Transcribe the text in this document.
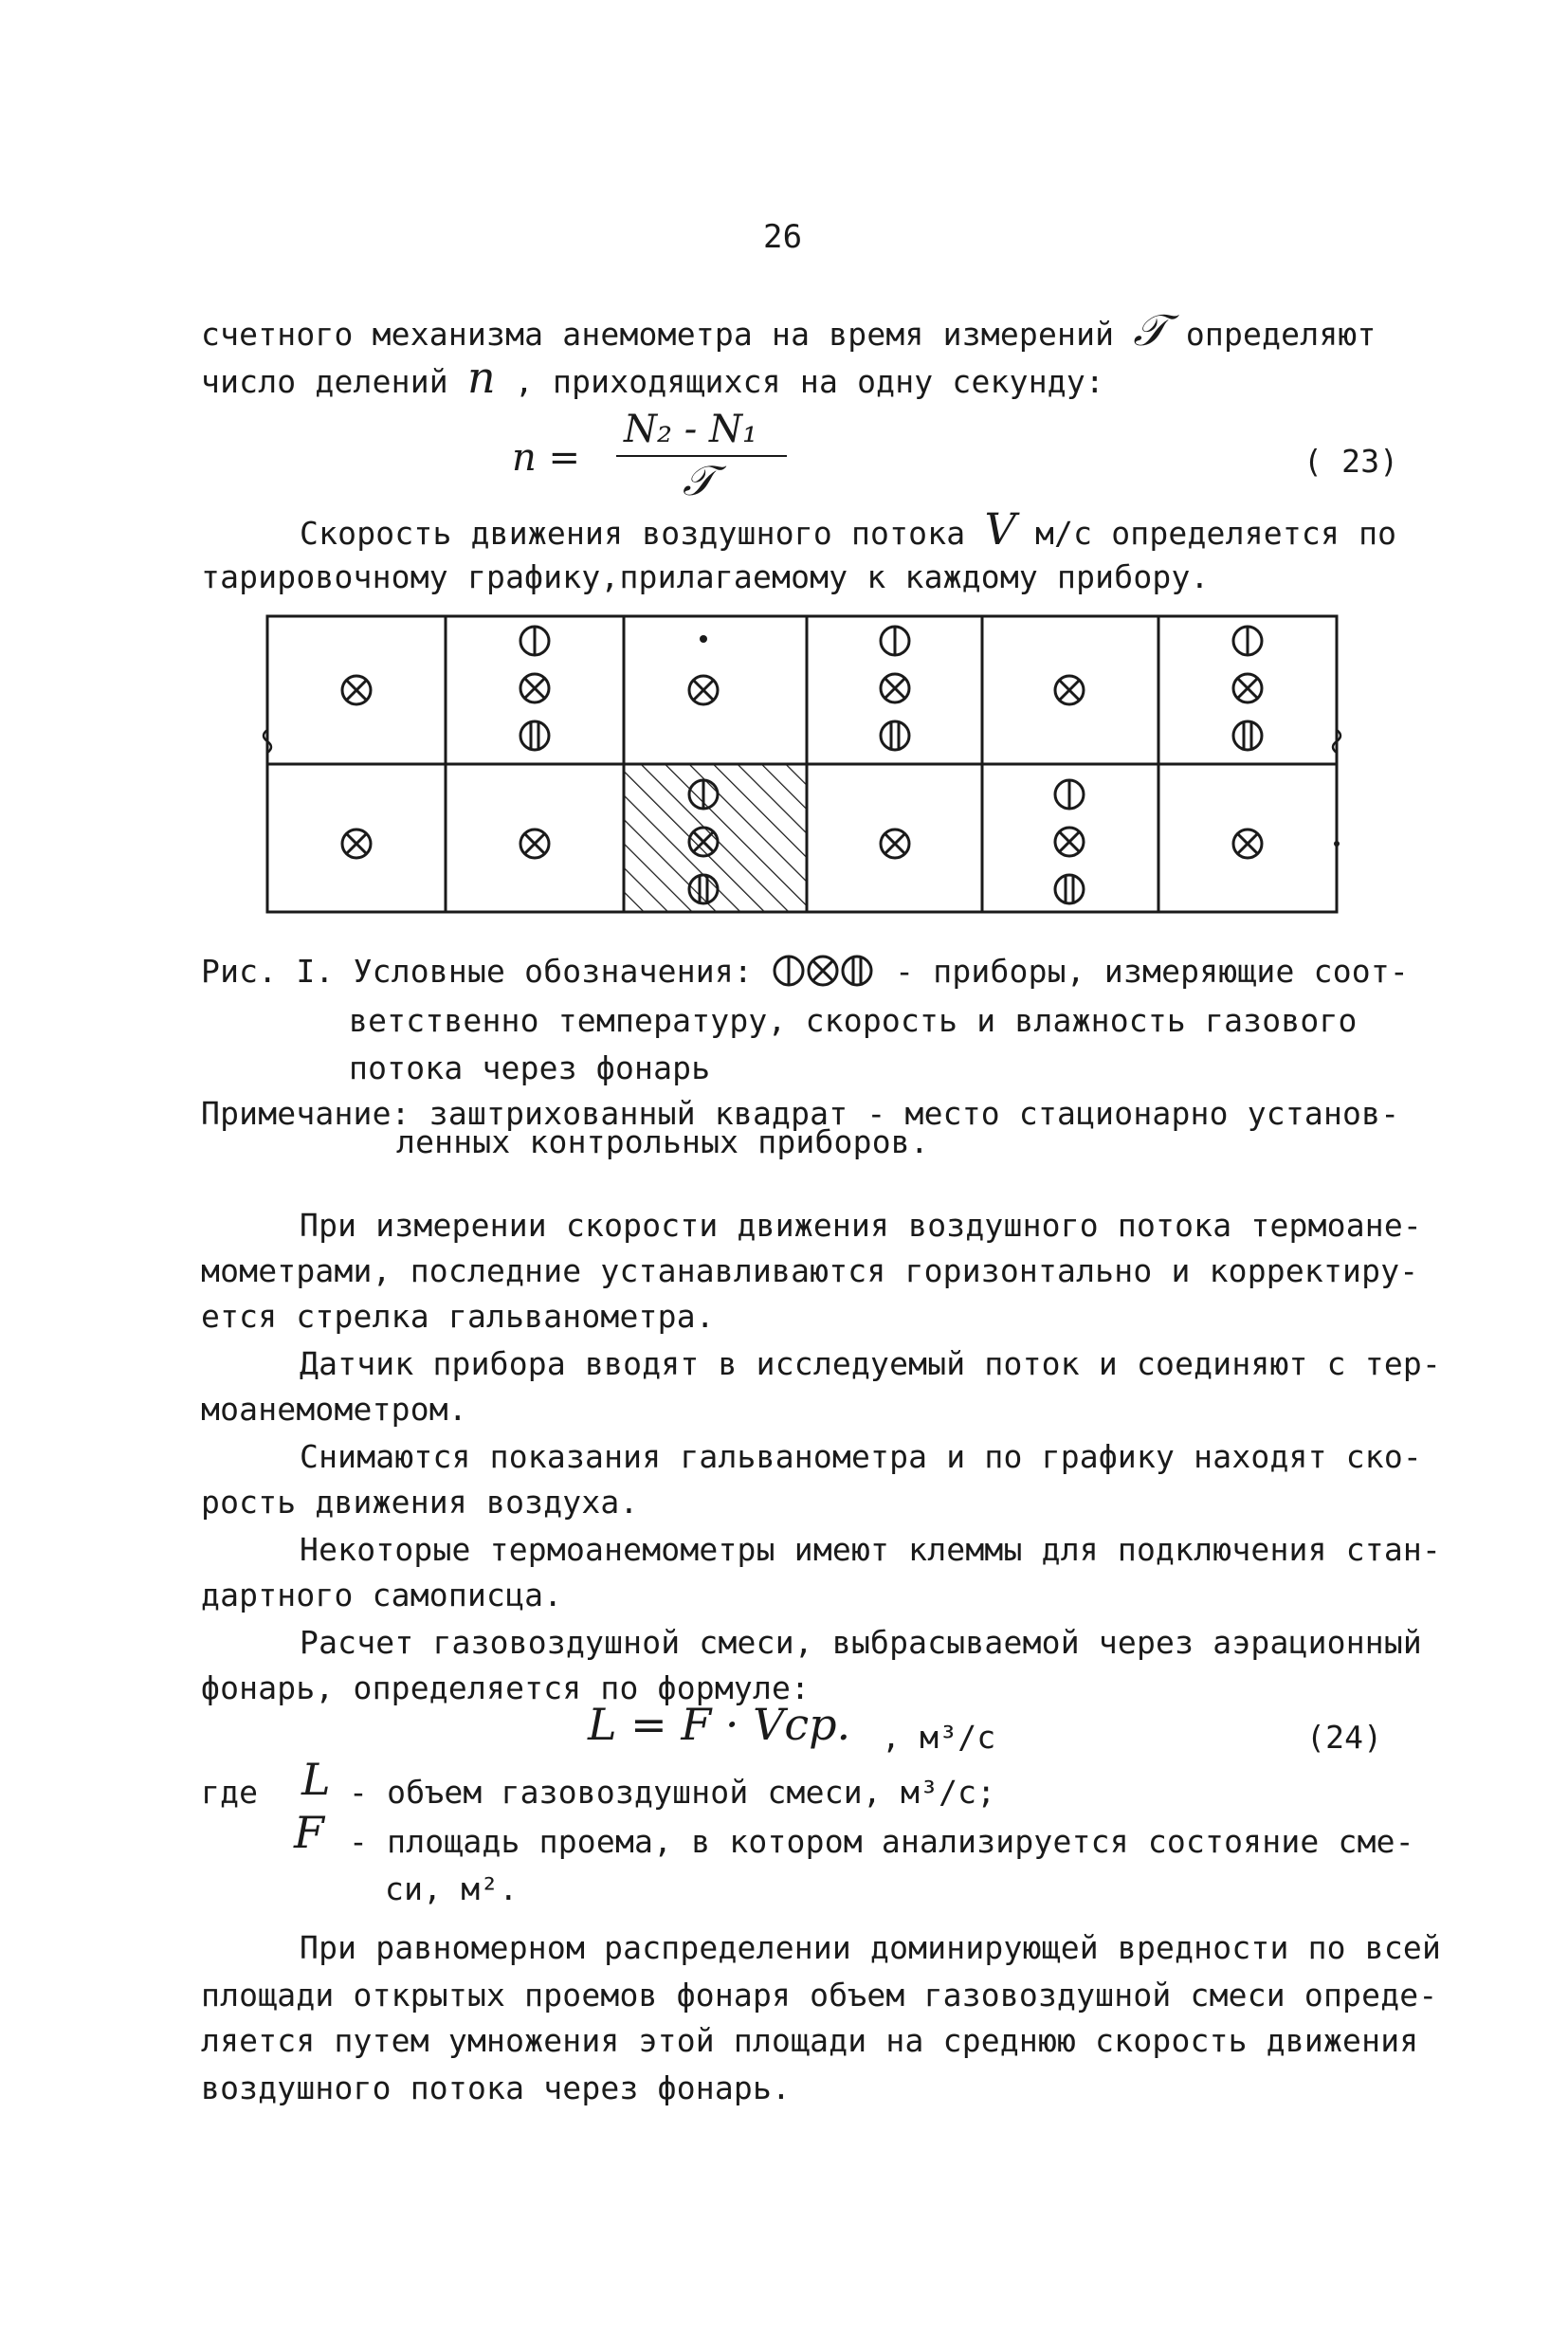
26
счетного механизма анемометра на время измерений 𝒯 определяют
число делений n , приходящихся на одну секунду:
n =
N₂ - N₁
𝒯	( 23)
Скорость движения воздушного потока V м/с определяется по
тарировочному графику,прилагаемому к каждому прибору.
Рис. I. Условные обозначения:	- приборы, измеряющие соот-
ветственно температуру, скорость и влажность газового
потока через фонарь
Примечание: заштрихованный квадрат - место стационарно установ-
ленных контрольных приборов.
При измерении скорости движения воздушного потока термоане-
мометрами, последние устанавливаются горизонтально и корректиру-
ется стрелка гальванометра.
Датчик прибора вводят в исследуемый поток и соединяют с тер-
моанемометром.
Снимаются показания гальванометра и по графику находят ско-
рость движения воздуха.
Некоторые термоанемометры имеют клеммы для подключения стан-
дартного самописца.
Расчет газовоздушной смеси, выбрасываемой через аэрационный
фонарь, определяется по формуле:
L = F · Vср. , м³/с	(24)
где L - объем газовоздушной смеси, м³/с;
F - площадь проема, в котором анализируется состояние сме-
си, м².
При равномерном распределении доминирующей вредности по всей
площади открытых проемов фонаря объем газовоздушной смеси опреде-
ляется путем умножения этой площади на среднюю скорость движения
воздушного потока через фонарь.
